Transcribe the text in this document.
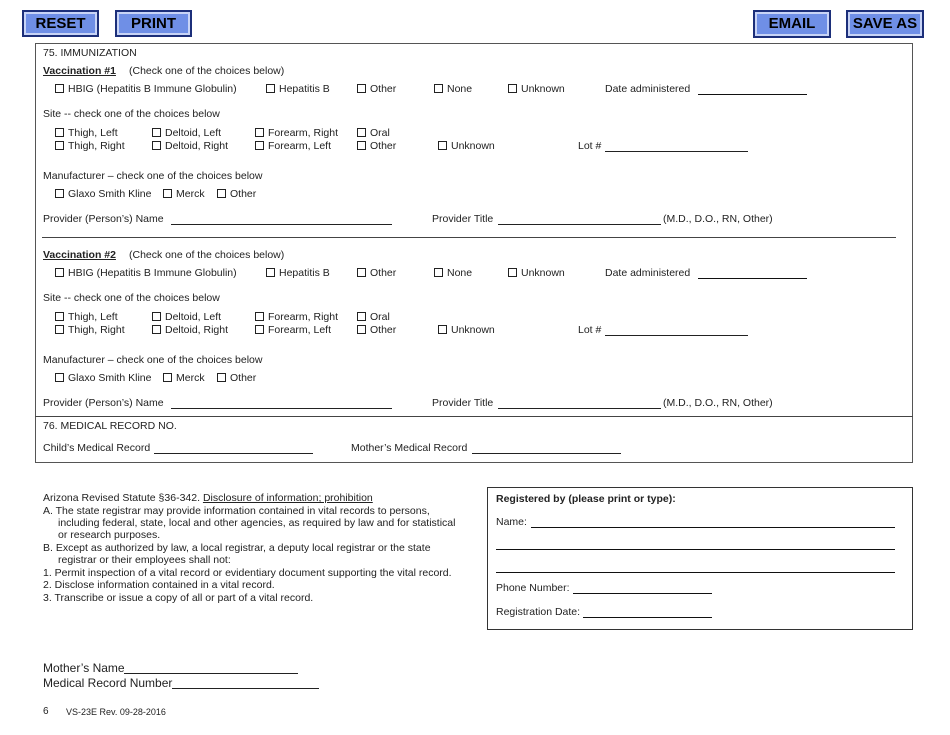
RESET	PRINT	EMAIL	SAVE AS
75. IMMUNIZATION
Vaccination #1 (Check one of the choices below)
HBIG (Hepatitis B Immune Globulin)	Hepatitis B	Other	None	Unknown	Date administered
Site -- check one of the choices below
Thigh, Left	Deltoid, Left	Forearm, Right	Oral
Thigh, Right	Deltoid, Right	Forearm, Left	Other	Unknown	Lot #
Manufacturer – check one of the choices below
Glaxo Smith Kline	Merck	Other
Provider (Person’s) Name	Provider Title	(M.D., D.O., RN, Other)
Vaccination #2 (Check one of the choices below)
HBIG (Hepatitis B Immune Globulin)	Hepatitis B	Other	None	Unknown	Date administered
Site -- check one of the choices below
Thigh, Left	Deltoid, Left	Forearm, Right	Oral
Thigh, Right	Deltoid, Right	Forearm, Left	Other	Unknown	Lot #
Manufacturer – check one of the choices below
Glaxo Smith Kline	Merck	Other
Provider (Person’s) Name	Provider Title	(M.D., D.O., RN, Other)
76. MEDICAL RECORD NO.
Child’s Medical Record	Mother’s Medical Record
Arizona Revised Statute §36-342. Disclosure of information; prohibition
A. The state registrar may provide information contained in vital records to persons,
including federal, state, local and other agencies, as required by law and for statistical
or research purposes.
B. Except as authorized by law, a local registrar, a deputy local registrar or the state
registrar or their employees shall not:
1. Permit inspection of a vital record or evidentiary document supporting the vital record.
2. Disclose information contained in a vital record.
3. Transcribe or issue a copy of all or part of a vital record.
Registered by (please print or type):
Name:
Phone Number:
Registration Date:
Mother’s Name
Medical Record Number
6 VS-23E Rev. 09-28-2016
